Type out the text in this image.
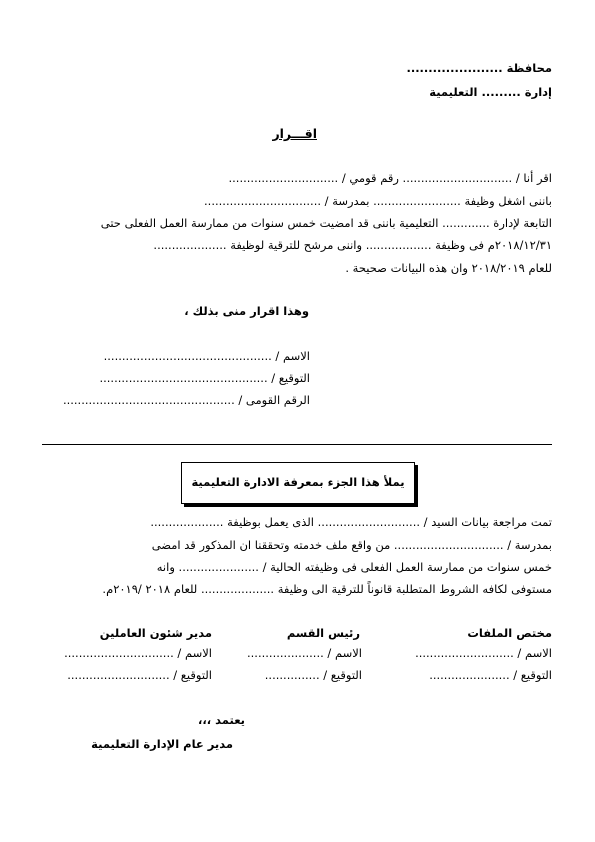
محافظة ......................
إدارة ......... التعليمية
اقـــرار
اقر أنا / .............................. رقم قومي / ..............................
باننى اشغل وظيفة ........................ بمدرسة / ................................
التابعة لإدارة ............. التعليمية باننى قد امضيت خمس سنوات من ممارسة العمل الفعلى حتى
٢٠١٨/١٢/٣١م فى وظيفة .................. واننى مرشح للترقية لوظيفة ....................
للعام ٢٠١٨/٢٠١٩ وان هذه البيانات صحيحة .
وهذا اقرار منى بذلك ،
الاسم / ..............................................
التوقيع / ..............................................
الرقم القومى / ...............................................
يملأ هذا الجزء بمعرفة الادارة التعليمية
تمت مراجعة بيانات السيد / ............................ الذى يعمل بوظيفة ....................
بمدرسة / .............................. من واقع ملف خدمته وتحققنا ان المذكور قد امضى
خمس سنوات من ممارسة العمل الفعلى فى وظيفته الحالية / ...................... وانه
مستوفى لكافه الشروط المتطلبة قانوناً للترقية الى وظيفة .................... للعام ٢٠١٨ /٢٠١٩م.
مختص الملفات
رئيس القسم
مدير شئون العاملين
الاسم / ...........................
الاسم / .....................
الاسم / ..............................
التوقيع / ......................
التوقيع / ...............
التوقيع / ............................
يعتمد ،،،
مدير عام الإدارة التعليمية
